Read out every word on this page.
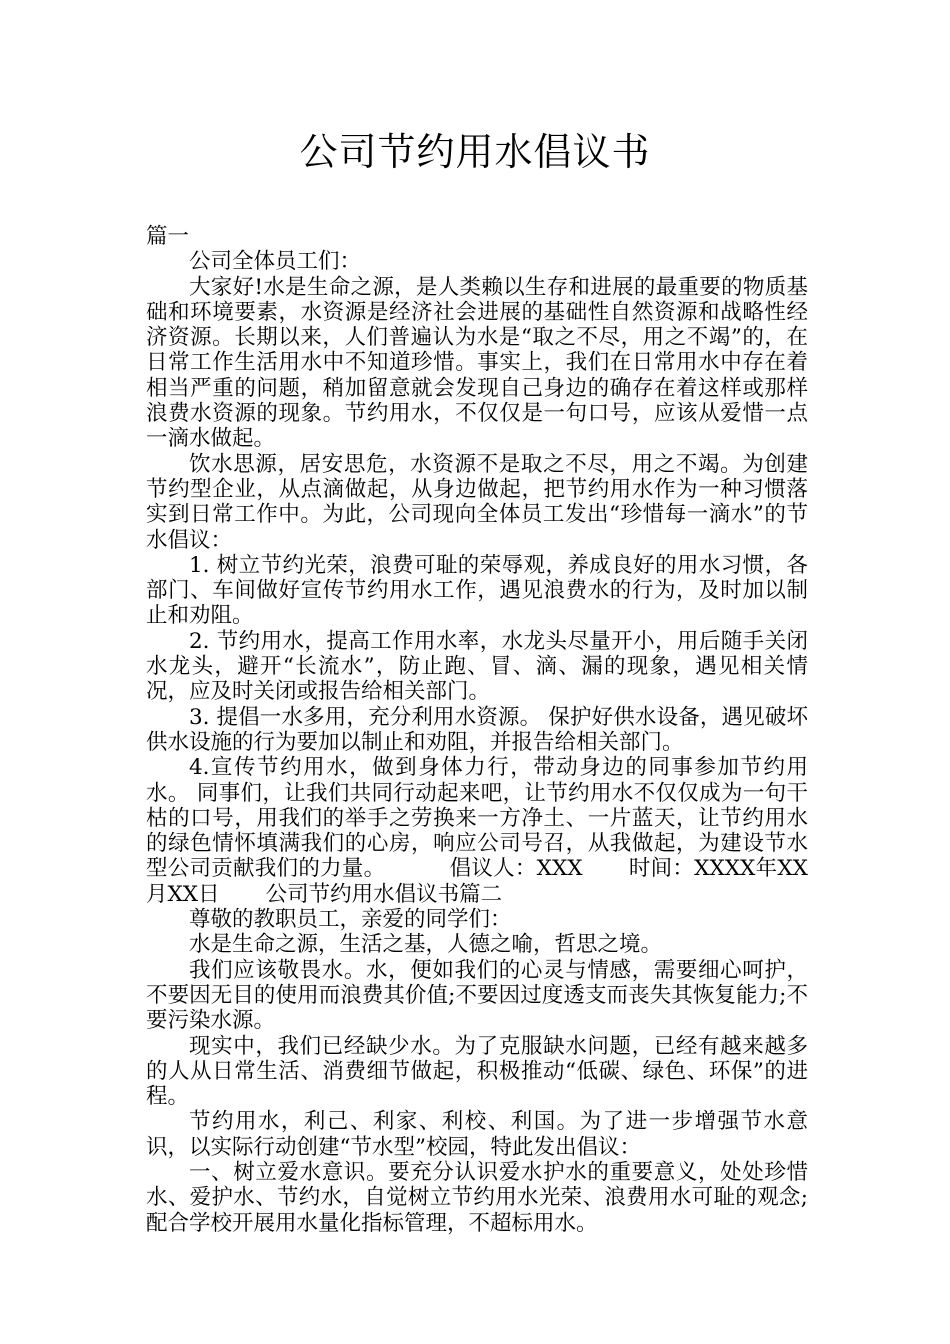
公司节约用水倡议书

篇一

公司全体员工们：

大家好!水是生命之源，是人类赖以生存和进展的最重要的物质基础和环境要素，水资源是经济社会进展的基础性自然资源和战略性经济资源。长期以来，人们普遍认为水是“取之不尽，用之不竭”的，在日常工作生活用水中不知道珍惜。事实上，我们在日常用水中存在着相当严重的问题，稍加留意就会发现自己身边的确存在着这样或那样浪费水资源的现象。节约用水，不仅仅是一句口号，应该从爱惜一点一滴水做起。

饮水思源，居安思危，水资源不是取之不尽，用之不竭。为创建节约型企业，从点滴做起，从身边做起，把节约用水作为一种习惯落实到日常工作中。为此，公司现向全体员工发出“珍惜每一滴水”的节水倡议：

1. 树立节约光荣，浪费可耻的荣辱观，养成良好的用水习惯，各部门、车间做好宣传节约用水工作，遇见浪费水的行为，及时加以制止和劝阻。

2. 节约用水，提高工作用水率，水龙头尽量开小，用后随手关闭水龙头，避开“长流水”，防止跑、冒、滴、漏的现象，遇见相关情况，应及时关闭或报告给相关部门。

3. 提倡一水多用，充分利用水资源。 保护好供水设备，遇见破坏供水设施的行为要加以制止和劝阻，并报告给相关部门。

4.宣传节约用水，做到身体力行，带动身边的同事参加节约用水。 同事们，让我们共同行动起来吧，让节约用水不仅仅成为一句干枯的口号，用我们的举手之劳换来一方净土、一片蓝天，让节约用水的绿色情怀填满我们的心房，响应公司号召，从我做起，为建设节水型公司贡献我们的力量。	倡议人：XXX 时间：XXXX年XX月XX日 公司节约用水倡议书篇二

尊敬的教职员工，亲爱的同学们：

水是生命之源，生活之基，人德之喻，哲思之境。

我们应该敬畏水。水，便如我们的心灵与情感，需要细心呵护，不要因无目的使用而浪费其价值;不要因过度透支而丧失其恢复能力;不要污染水源。

现实中，我们已经缺少水。为了克服缺水问题，已经有越来越多的人从日常生活、消费细节做起，积极推动“低碳、绿色、环保”的进程。

节约用水，利己、利家、利校、利国。为了进一步增强节水意识，以实际行动创建“节水型”校园，特此发出倡议：

一、树立爱水意识。要充分认识爱水护水的重要意义，处处珍惜水、爱护水、节约水，自觉树立节约用水光荣、浪费用水可耻的观念;配合学校开展用水量化指标管理，不超标用水。
